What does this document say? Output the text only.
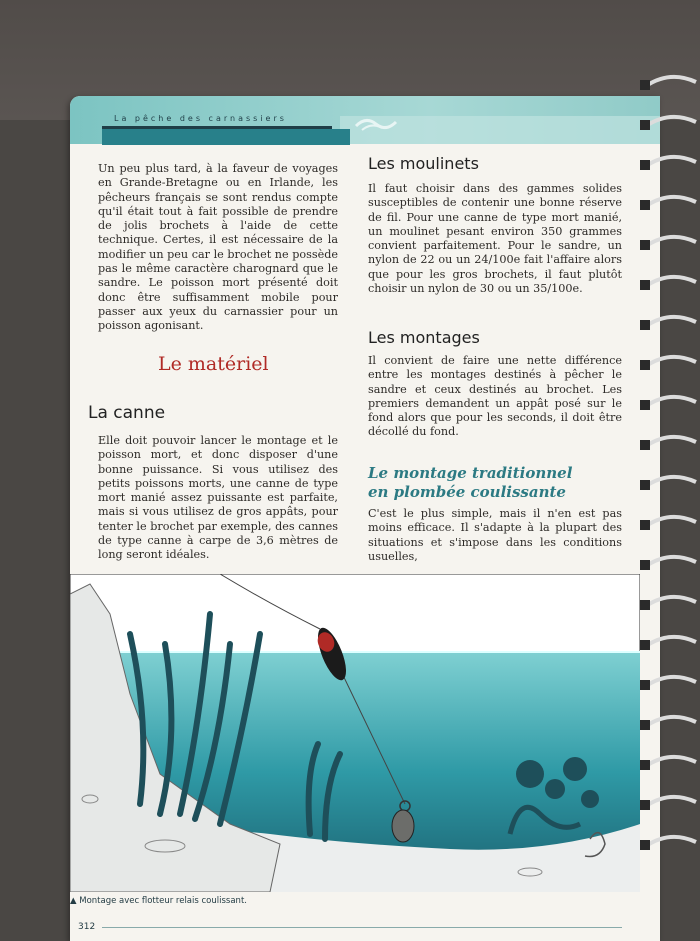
La pêche des carnassiers
Un peu plus tard, à la faveur de voyages en Grande-Bretagne ou en Irlande, les pêcheurs français se sont rendus compte qu'il était tout à fait possible de prendre de jolis brochets à l'aide de cette technique. Certes, il est nécessaire de la modifier un peu car le brochet ne possède pas le même caractère charognard que le sandre. Le poisson mort présenté doit donc être suffisamment mobile pour passer aux yeux du carnassier pour un poisson agonisant.
Le matériel
La canne
Elle doit pouvoir lancer le montage et le poisson mort, et donc disposer d'une bonne puissance. Si vous utilisez des petits poissons morts, une canne de type mort manié assez puissante est parfaite, mais si vous utilisez de gros appâts, pour tenter le brochet par exemple, des cannes de type canne à carpe de 3,6 mètres de long seront idéales.
Les moulinets
Il faut choisir dans des gammes solides susceptibles de contenir une bonne réserve de fil. Pour une canne de type mort manié, un moulinet pesant environ 350 grammes convient parfaitement. Pour le sandre, un nylon de 22 ou un 24/100e fait l'affaire alors que pour les gros brochets, il faut plutôt choisir un nylon de 30 ou un 35/100e.
Les montages
Il convient de faire une nette différence entre les montages destinés à pêcher le sandre et ceux destinés au brochet. Les premiers demandent un appât posé sur le fond alors que pour les seconds, il doit être décollé du fond.
Le montage traditionnel
en plombée coulissante
C'est le plus simple, mais il n'en est pas moins efficace. Il s'adapte à la plupart des situations et s'impose dans les conditions usuelles,
▲ Montage avec flotteur relais coulissant.
312
